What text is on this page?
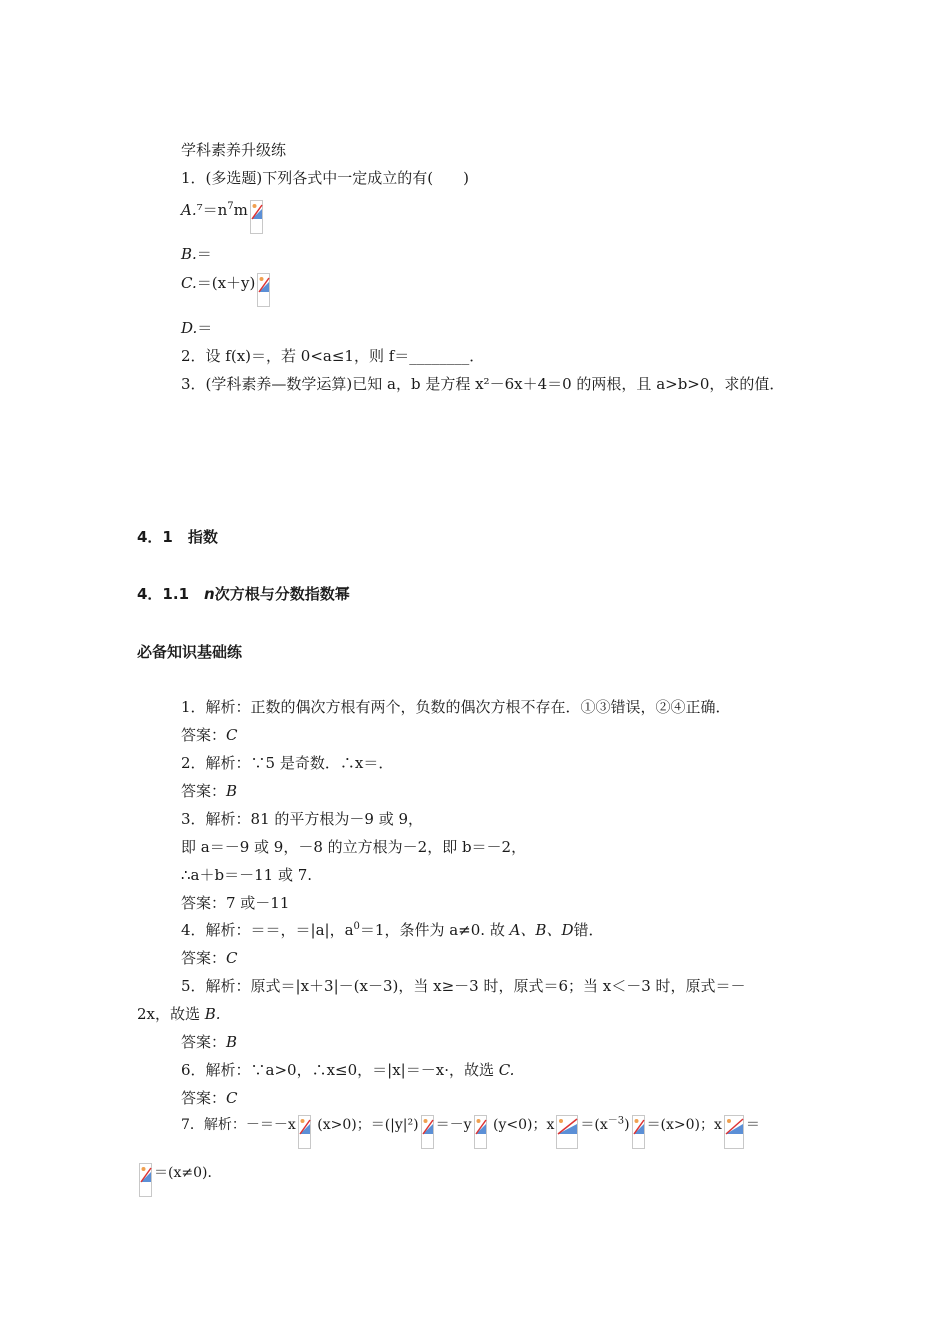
学科素养升级练
1．(多选题)下列各式中一定成立的有(　　)
$A.^7=n^7m$
B.＝
C.＝(x＋y)
D.＝
2．设 f(x)＝，若 0<a≤1，则 f＝________．
3．(学科素养—数学运算)已知 a，b 是方程 x²－6x＋4＝0 的两根，且 a>b>0，求的值．
4．1　指数
4．1.1　n次方根与分数指数幂
必备知识基础练
1．解析：正数的偶次方根有两个，负数的偶次方根不存在．①③错误，②④正确．
答案：C
2．解析：∵5 是奇数．∴x＝．
答案：B
3．解析：81 的平方根为－9 或 9，
即 a＝－9 或 9，－8 的立方根为－2，即 b＝－2，
∴a＋b＝－11 或 7.
答案：7 或－11
4．解析：＝＝，＝|a|，$a^0=1$，条件为 a≠0. 故 A、B、D错．
答案：C
5．解析：原式＝|x＋3|－(x－3)，当 x≥－3 时，原式＝6；当 x＜－3 时，原式＝－
2x，故选 B.
答案：B
6．解析：∵a>0，∴x≤0，＝|x|＝－x·，故选 C.
答案：C
7．解析：－＝－x
(x>0)；＝(|y|²) ＝－y
(y<0)；$x =(x^{-3}) =(x>0)$；x ＝
＝(x≠0)．
